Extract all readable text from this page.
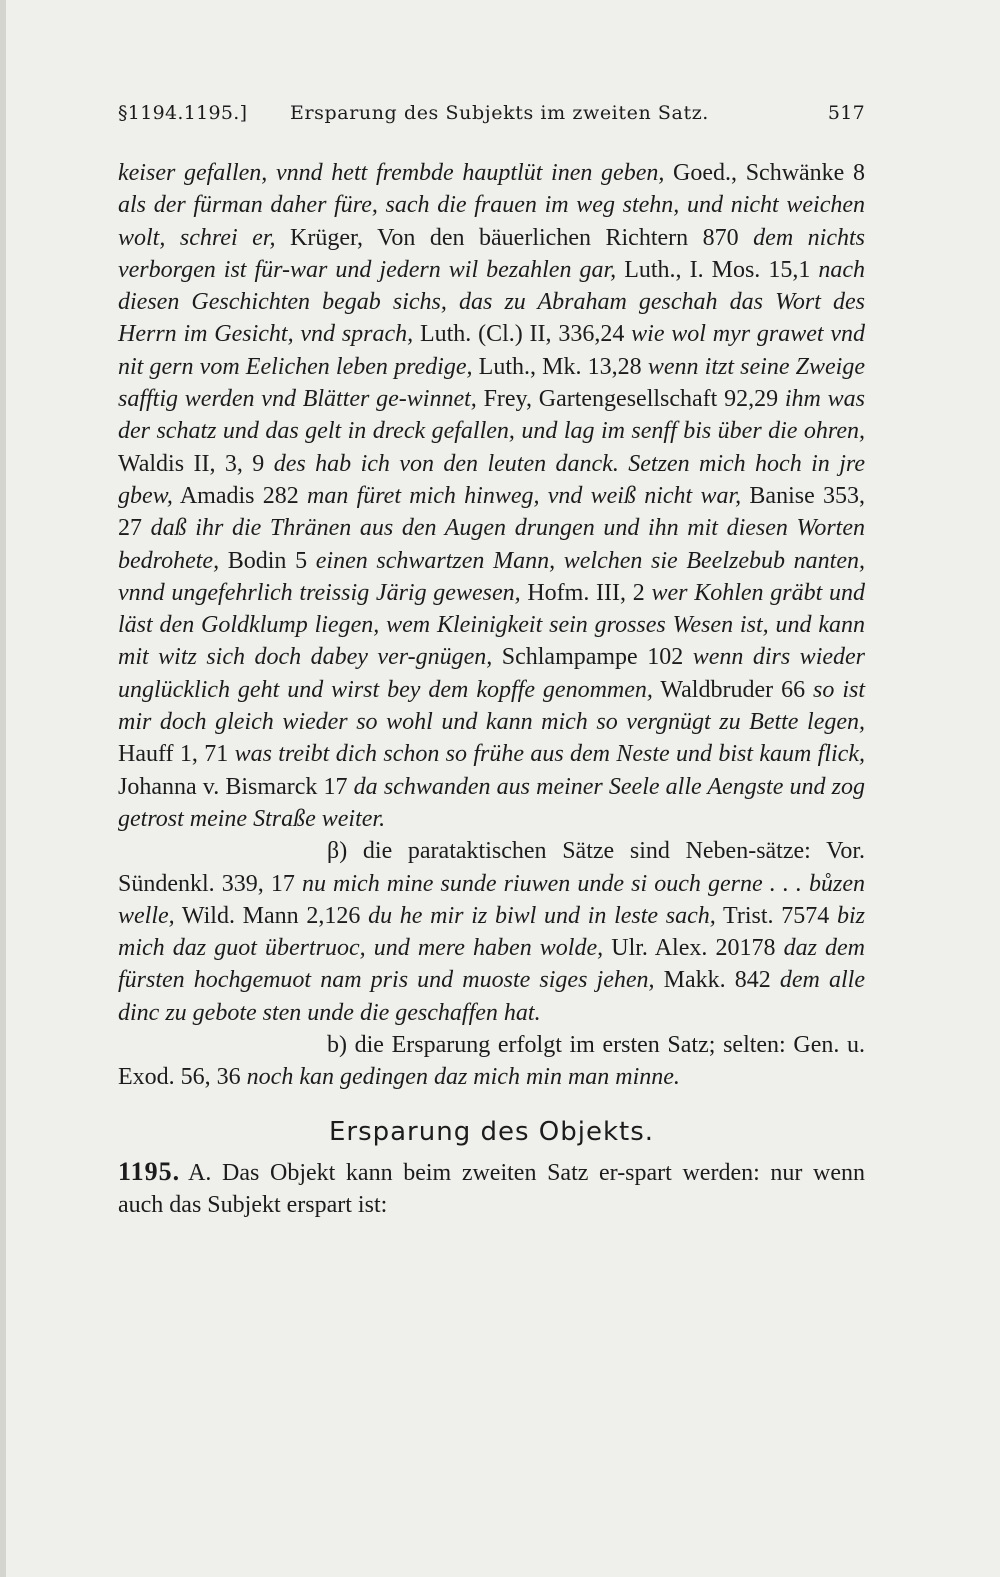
§1194.1195.] Ersparung des Subjekts im zweiten Satz.	517

keiser gefallen, vnnd hett frembde hauptlüt inen geben, Goed., Schwänke 8 als der fürman daher füre, sach die frauen im weg stehn, und nicht weichen wolt, schrei er, Krüger, Von den bäuerlichen Richtern 870 dem nichts verborgen ist für-war und jedern wil bezahlen gar, Luth., I. Mos. 15,1 nach diesen Geschichten begab sichs, das zu Abraham geschah das Wort des Herrn im Gesicht, vnd sprach, Luth. (Cl.) II, 336,24 wie wol myr grawet vnd nit gern vom Eelichen leben predige, Luth., Mk. 13,28 wenn itzt seine Zweige safftig werden vnd Blätter ge-winnet, Frey, Gartengesellschaft 92,29 ihm was der schatz und das gelt in dreck gefallen, und lag im senff bis über die ohren, Waldis II, 3, 9 des hab ich von den leuten danck. Setzen mich hoch in jre gbew, Amadis 282 man füret mich hinweg, vnd weiß nicht war, Banise 353, 27 daß ihr die Thränen aus den Augen drungen und ihn mit diesen Worten bedrohete, Bodin 5 einen schwartzen Mann, welchen sie Beelzebub nanten, vnnd ungefehrlich treissig Järig gewesen, Hofm. III, 2 wer Kohlen gräbt und läst den Goldklump liegen, wem Kleinigkeit sein grosses Wesen ist, und kann mit witz sich doch dabey ver-gnügen, Schlampampe 102 wenn dirs wieder unglücklich geht und wirst bey dem kopffe genommen, Waldbruder 66 so ist mir doch gleich wieder so wohl und kann mich so vergnügt zu Bette legen, Hauff 1, 71 was treibt dich schon so frühe aus dem Neste und bist kaum flick, Johanna v. Bismarck 17 da schwanden aus meiner Seele alle Aengste und zog getrost meine Straße weiter.

β) die parataktischen Sätze sind Neben-sätze: Vor. Sündenkl. 339, 17 nu mich mine sunde riuwen unde si ouch gerne . . . bůzen welle, Wild. Mann 2,126 du he mir iz biwl und in leste sach, Trist. 7574 biz mich daz guot übertruoc, und mere haben wolde, Ulr. Alex. 20178 daz dem fürsten hochgemuot nam pris und muoste siges jehen, Makk. 842 dem alle dinc zu gebote sten unde die geschaffen hat.

b) die Ersparung erfolgt im ersten Satz; selten: Gen. u. Exod. 56, 36 noch kan gedingen daz mich min man minne.

Ersparung des Objekts.

1195. A. Das Objekt kann beim zweiten Satz er-spart werden: nur wenn auch das Subjekt erspart ist:
